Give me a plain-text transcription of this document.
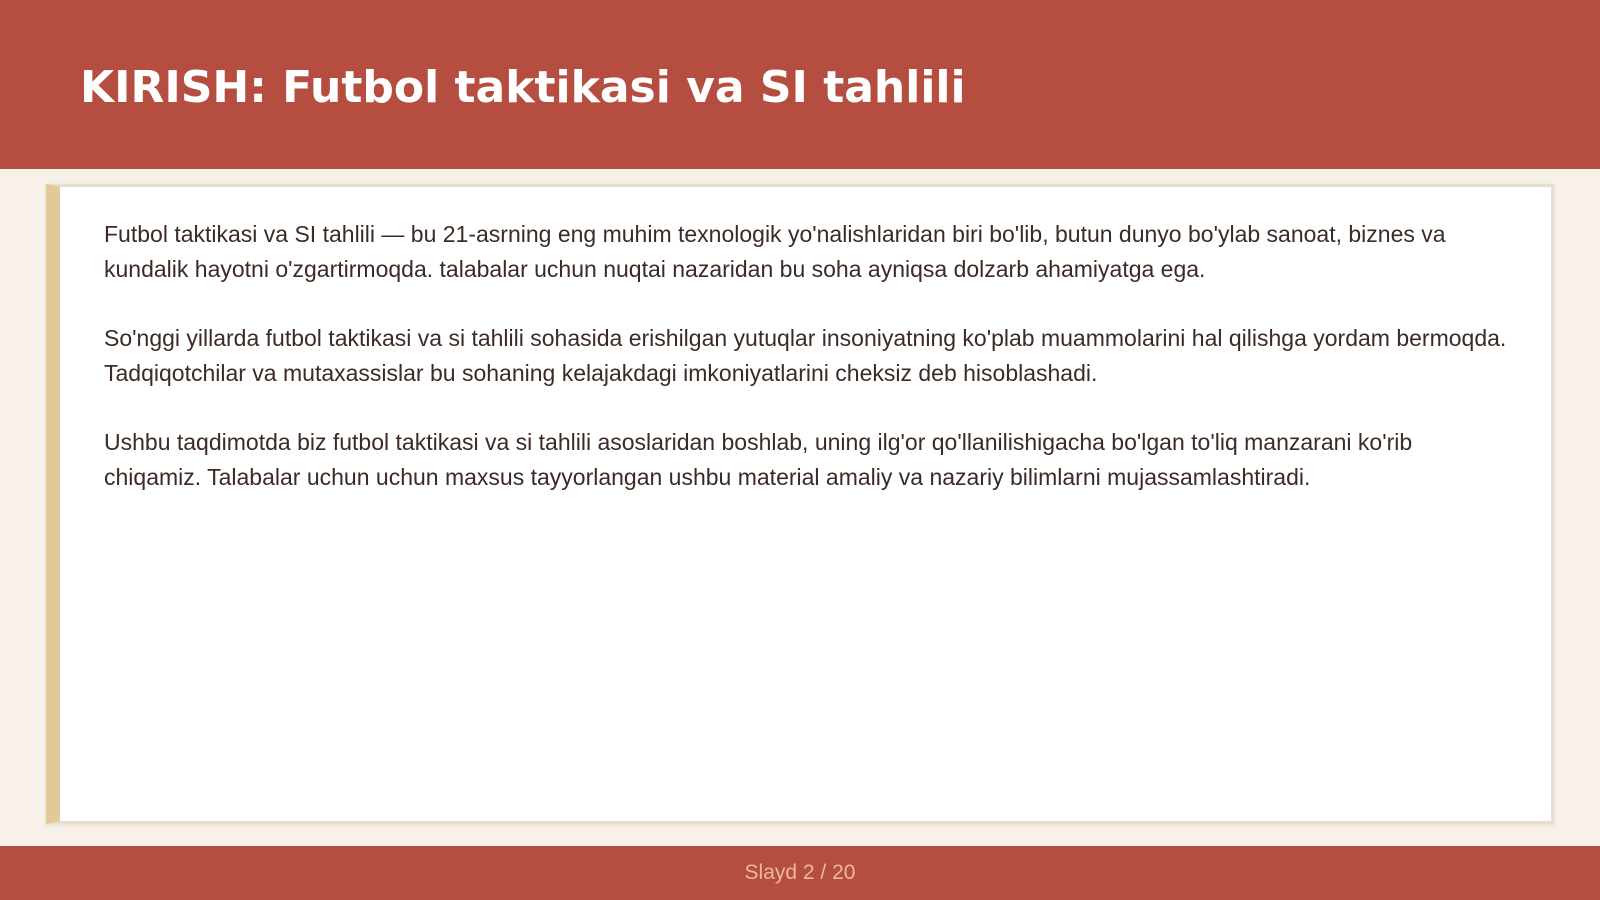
KIRISH: Futbol taktikasi va SI tahlili

Futbol taktikasi va SI tahlili — bu 21-asrning eng muhim texnologik yo'nalishlaridan biri bo'lib, butun dunyo bo'ylab sanoat, biznes va kundalik hayotni o'zgartirmoqda. talabalar uchun nuqtai nazaridan bu soha ayniqsa dolzarb ahamiyatga ega.

So'nggi yillarda futbol taktikasi va si tahlili sohasida erishilgan yutuqlar insoniyatning ko'plab muammolarini hal qilishga yordam bermoqda. Tadqiqotchilar va mutaxassislar bu sohaning kelajakdagi imkoniyatlarini cheksiz deb hisoblashadi.

Ushbu taqdimotda biz futbol taktikasi va si tahlili asoslaridan boshlab, uning ilg'or qo'llanilishigacha bo'lgan to'liq manzarani ko'rib chiqamiz. Talabalar uchun uchun maxsus tayyorlangan ushbu material amaliy va nazariy bilimlarni mujassamlashtiradi.

Slayd 2 / 20
